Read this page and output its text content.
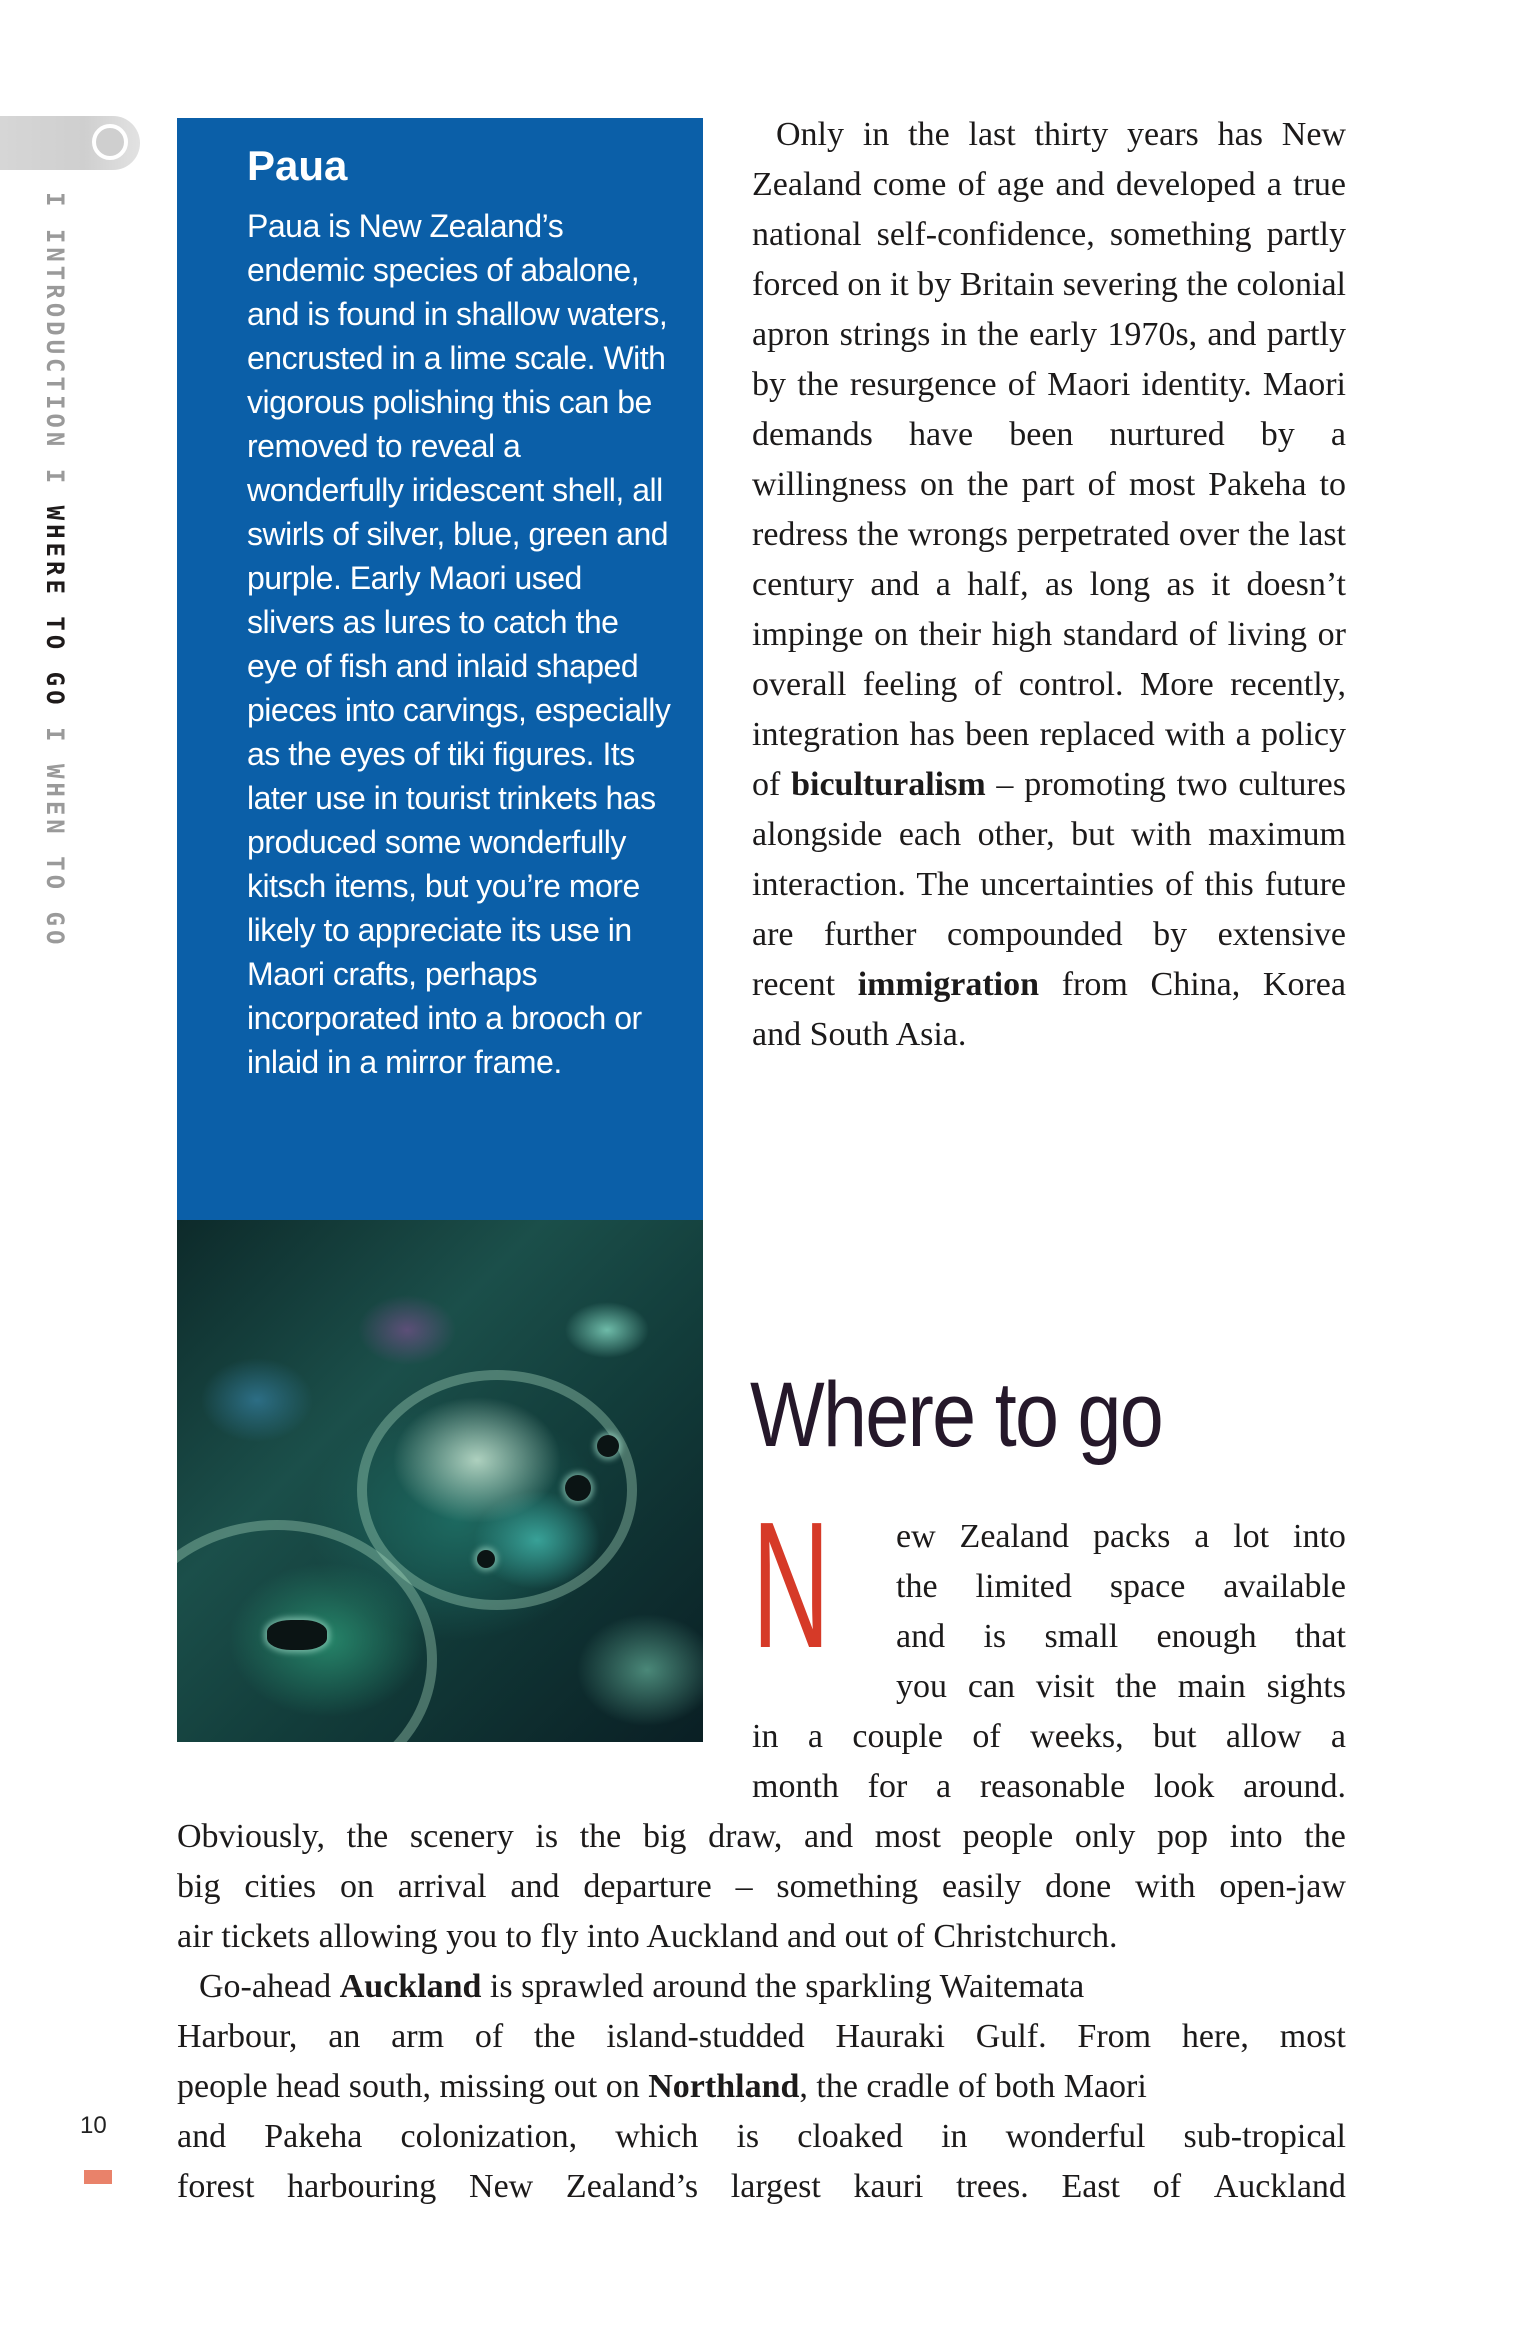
I INTRODUCTION I WHERE TO GO I WHEN TO GO
10
Paua

Paua is New Zealand’s endemic species of abalone, and is found in shallow waters, encrusted in a lime scale. With vigorous polishing this can be removed to reveal a wonderfully iridescent shell, all swirls of silver, blue, green and purple. Early Maori used slivers as lures to catch the eye of fish and inlaid shaped pieces into carvings, especially as the eyes of tiki figures. Its later use in tourist trinkets has produced some wonderfully kitsch items, but you’re more likely to appreciate its use in Maori crafts, perhaps incorporated into a brooch or inlaid in a mirror frame.

Only in the last thirty years has New Zealand come of age and developed a true national self-confidence, something partly forced on it by Britain severing the colonial apron strings in the early 1970s, and partly by the resurgence of Maori identity. Maori demands have been nurtured by a willingness on the part of most Pakeha to redress the wrongs perpetrated over the last century and a half, as long as it doesn’t impinge on their high standard of living or overall feeling of control. More recently, integration has been replaced with a policy of biculturalism – promoting two cultures alongside each other, but with maximum interaction. The uncertainties of this future are further compounded by extensive recent immigration from China, Korea and South Asia.

Where to go
N ew Zealand packs a lot into
the limited space available
and is small enough that
you can visit the main sights
in a couple of weeks, but allow a
month for a reasonable look around.
Obviously, the scenery is the big draw, and most people only pop into the
big cities on arrival and departure – something easily done with open-jaw
air tickets allowing you to fly into Auckland and out of Christchurch.
Go-ahead Auckland is sprawled around the sparkling Waitemata
Harbour, an arm of the island-studded Hauraki Gulf. From here, most
people head south, missing out on Northland, the cradle of both Maori
and Pakeha colonization, which is cloaked in wonderful sub-tropical
forest harbouring New Zealand’s largest kauri trees. East of Auckland
